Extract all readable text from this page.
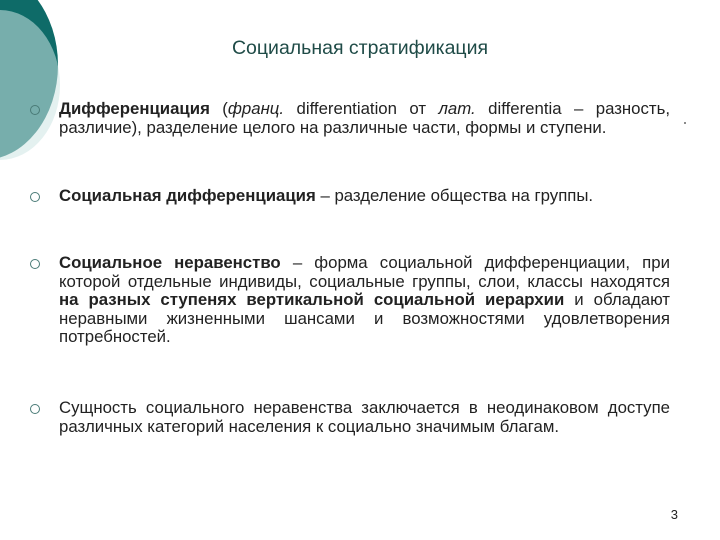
Социальная стратификация
Дифференциация (франц. differentiation от лат. differentia – разность, различие), разделение целого на различные части, формы и ступени.
Социальная дифференциация – разделение общества на группы.
Социальное неравенство – форма социальной дифференциации, при которой отдельные индивиды, социальные группы, слои, классы находятся на разных ступенях вертикальной социальной иерархии и обладают неравными жизненными шансами и возможностями удовлетворения потребностей.
Сущность социального неравенства заключается в неодинаковом доступе различных категорий населения к социально значимым благам.
3
